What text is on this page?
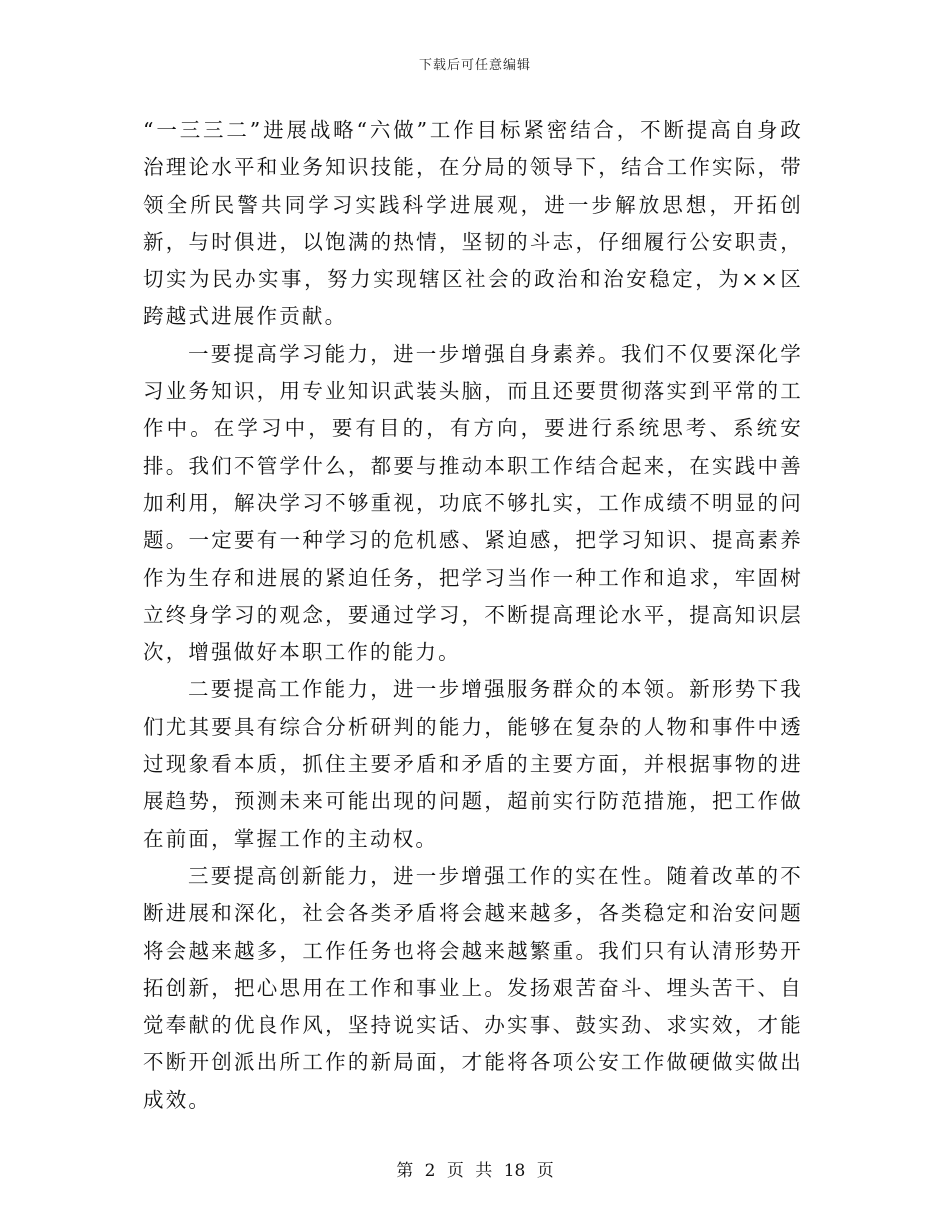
下载后可任意编辑

“一三三二”进展战略“六做”工作目标紧密结合，不断提高自身政治理论水平和业务知识技能，在分局的领导下，结合工作实际，带领全所民警共同学习实践科学进展观，进一步解放思想，开拓创新，与时俱进，以饱满的热情，坚韧的斗志，仔细履行公安职责，切实为民办实事，努力实现辖区社会的政治和治安稳定，为××区跨越式进展作贡献。

一要提高学习能力，进一步增强自身素养。我们不仅要深化学习业务知识，用专业知识武装头脑，而且还要贯彻落实到平常的工作中。在学习中，要有目的，有方向，要进行系统思考、系统安排。我们不管学什么，都要与推动本职工作结合起来，在实践中善加利用，解决学习不够重视，功底不够扎实，工作成绩不明显的问题。一定要有一种学习的危机感、紧迫感，把学习知识、提高素养作为生存和进展的紧迫任务，把学习当作一种工作和追求，牢固树立终身学习的观念，要通过学习，不断提高理论水平，提高知识层次，增强做好本职工作的能力。

二要提高工作能力，进一步增强服务群众的本领。新形势下我们尤其要具有综合分析研判的能力，能够在复杂的人物和事件中透过现象看本质，抓住主要矛盾和矛盾的主要方面，并根据事物的进展趋势，预测未来可能出现的问题，超前实行防范措施，把工作做在前面，掌握工作的主动权。

三要提高创新能力，进一步增强工作的实在性。随着改革的不断进展和深化，社会各类矛盾将会越来越多，各类稳定和治安问题将会越来越多，工作任务也将会越来越繁重。我们只有认清形势开拓创新，把心思用在工作和事业上。发扬艰苦奋斗、埋头苦干、自觉奉献的优良作风，坚持说实话、办实事、鼓实劲、求实效，才能不断开创派出所工作的新局面，才能将各项公安工作做硬做实做出成效。

第 2 页 共 18 页
